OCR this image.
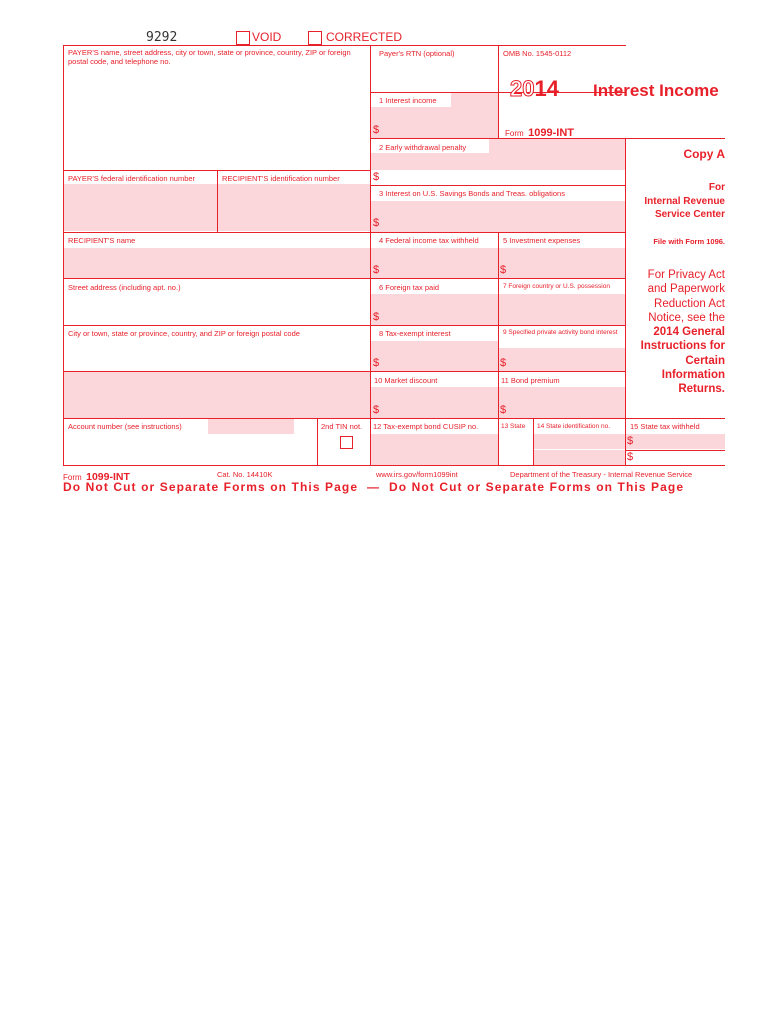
9292	VOID	CORRECTED
PAYER'S name, street address, city or town, state or province, country, ZIP or foreign postal code, and telephone no.
PAYER'S federal identification number	RECIPIENT'S identification number
RECIPIENT'S name
Street address (including apt. no.)
City or town, state or province, country, and ZIP or foreign postal code
Account number (see instructions)	2nd TIN not.
Payer's RTN (optional)	OMB No. 1545-0112
2014 Interest Income
Form 1099-INT
1 Interest income
$
2 Early withdrawal penalty
$
3 Interest on U.S. Savings Bonds and Treas. obligations
$
4 Federal income tax withheld	5 Investment expenses
$	$
6 Foreign tax paid	7 Foreign country or U.S. possession
$
8 Tax-exempt interest	9 Specified private activity bond interest
$	$
10 Market discount	11 Bond premium
$	$
12 Tax-exempt bond CUSIP no.	13 State 14 State identification no.	15 State tax withheld
$
$
Copy A
For
Internal Revenue Service Center
File with Form 1096.
For Privacy Act and Paperwork Reduction Act Notice, see the 2014 General Instructions for Certain Information Returns.
Form 1099-INT	Cat. No. 14410K	www.irs.gov/form1099int	Department of the Treasury - Internal Revenue Service
Do Not Cut or Separate Forms on This Page  —  Do Not Cut or Separate Forms on This Page
